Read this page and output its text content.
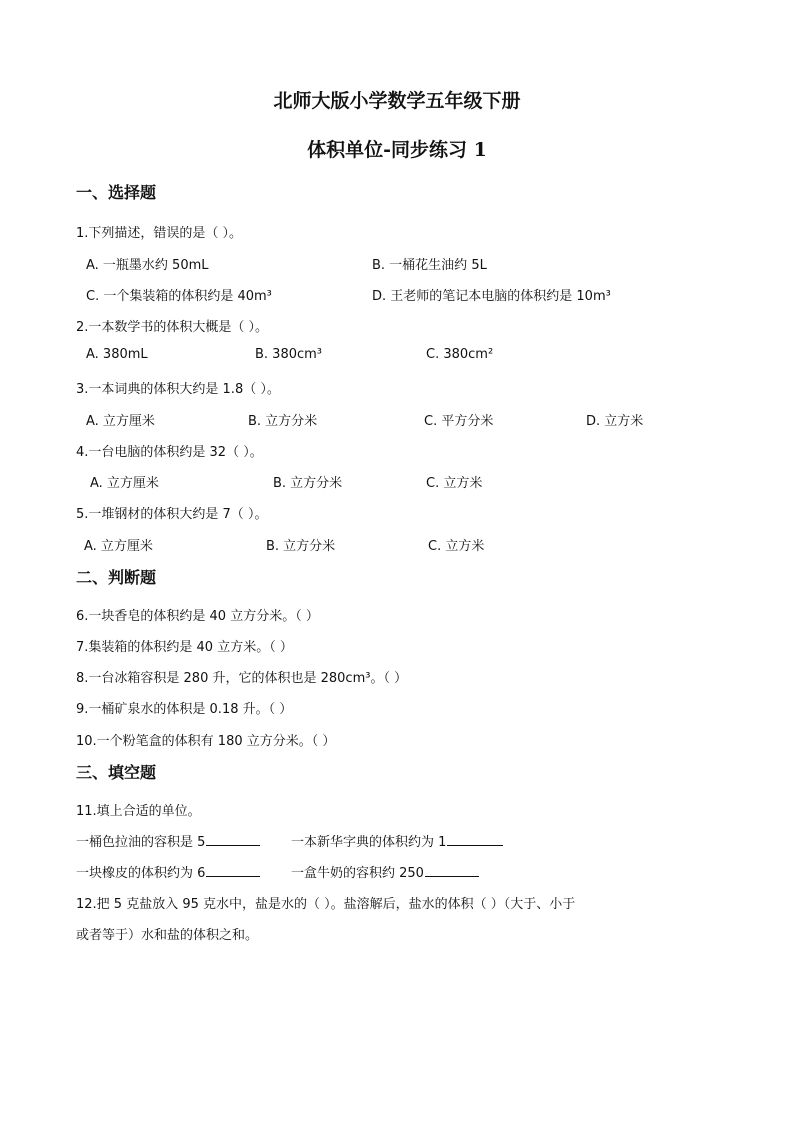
北师大版小学数学五年级下册
体积单位-同步练习 1
一、选择题
1.下列描述，错误的是（ ）。
A. 一瓶墨水约 50mL	B. 一桶花生油约 5L
C. 一个集装箱的体积约是 40m³	D. 王老师的笔记本电脑的体积约是 10m³
2.一本数学书的体积大概是（ ）。
A. 380mL	B. 380cm³	C. 380cm²
3.一本词典的体积大约是 1.8（ ）。
A. 立方厘米	B. 立方分米	C. 平方分米	D. 立方米
4.一台电脑的体积约是 32（ ）。
A. 立方厘米	B. 立方分米	C. 立方米
5.一堆钢材的体积大约是 7（ ）。
A. 立方厘米	B. 立方分米	C. 立方米
二、判断题
6.一块香皂的体积约是 40 立方分米。（ ）
7.集装箱的体积约是 40 立方米。（ ）
8.一台冰箱容积是 280 升，它的体积也是 280cm³。（ ）
9.一桶矿泉水的体积是 0.18 升。（ ）
10.一个粉笔盒的体积有 180 立方分米。（ ）
三、填空题
11.填上合适的单位。
一桶色拉油的容积是 5	一本新华字典的体积约为 1
一块橡皮的体积约为 6	一盒牛奶的容积约 250
12.把 5 克盐放入 95 克水中，盐是水的（ ）。盐溶解后，盐水的体积（ ）（大于、小于
或者等于）水和盐的体积之和。
